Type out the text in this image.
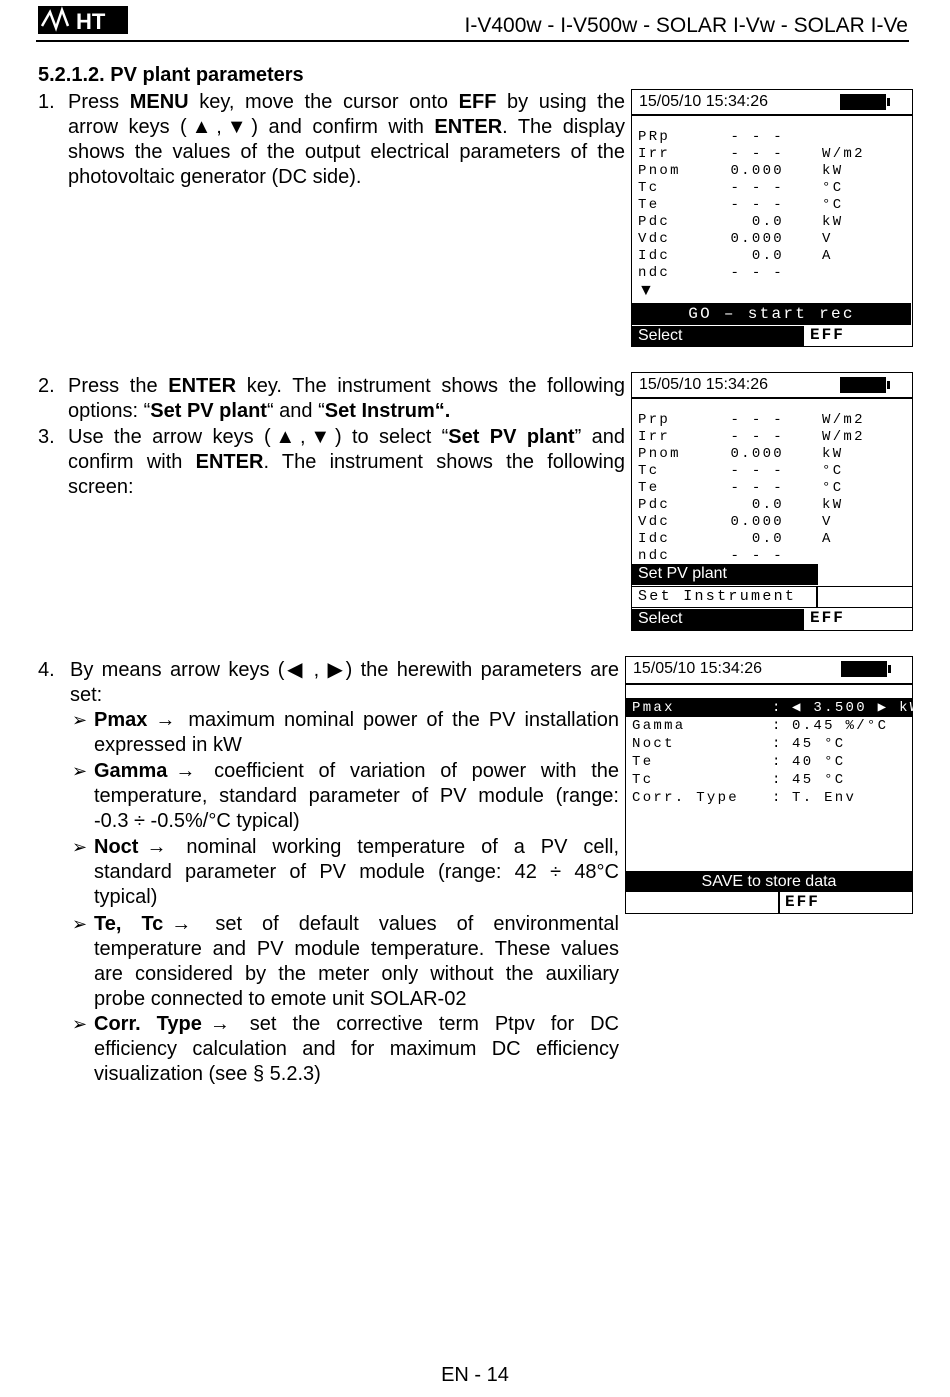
HT	I-V400w - I-V500w - SOLAR I-Vw - SOLAR I-Ve
5.2.1.2. PV plant parameters
1. Press MENU key, move the cursor onto EFF by using the arrow keys (▲,▼) and confirm with ENTER. The display shows the values of the output electrical parameters of the photovoltaic generator (DC side).
15/05/10 15:34:26
PRp	- - -
Irr	- - -	W/m2
Pnom	0.000	kW
Tc	- - -	°C
Te	- - -	°C
Pdc	0.0	kW
Vdc	0.000	V
Idc	0.0	A
ndc	- - -
▼
GO – start rec
Select	EFF
2. Press the ENTER key. The instrument shows the following options: “Set PV plant“ and “Set Instrum“.
3. Use the arrow keys (▲,▼) to select “Set PV plant” and confirm with ENTER. The instrument shows the following screen:
15/05/10 15:34:26
Prp	- - -	W/m2
Irr	- - -	W/m2
Pnom	0.000	kW
Tc	- - -	°C
Te	- - -	°C
Pdc	0.0	kW
Vdc	0.000	V
Idc	0.0	A
ndc	- - -
Set PV plant
Set Instrument
Select	EFF
4. By means arrow keys (◀ , ▶) the herewith parameters are set:
➢ Pmax → maximum nominal power of the PV installation expressed in kW
➢ Gamma → coefficient of variation of power with the temperature, standard parameter of PV module (range: -0.3 ÷ -0.5%/°C typical)
➢ Noct → nominal working temperature of a PV cell, standard parameter of PV module (range: 42 ÷ 48°C typical)
➢ Te, Tc → set of default values of environmental temperature and PV module temperature. These values are considered by the meter only without the auxiliary probe connected to emote unit SOLAR-02
➢ Corr. Type → set the corrective term Ptpv for DC efficiency calculation and for maximum DC efficiency visualization (see § 5.2.3)
15/05/10 15:34:26
Pmax	: ◀ 3.500 ▶ kW
Gamma	: 0.45 %/°C
Noct	: 45 °C
Te	: 40 °C
Tc	: 45 °C
Corr. Type : T. Env
SAVE to store data
EFF
EN - 14
